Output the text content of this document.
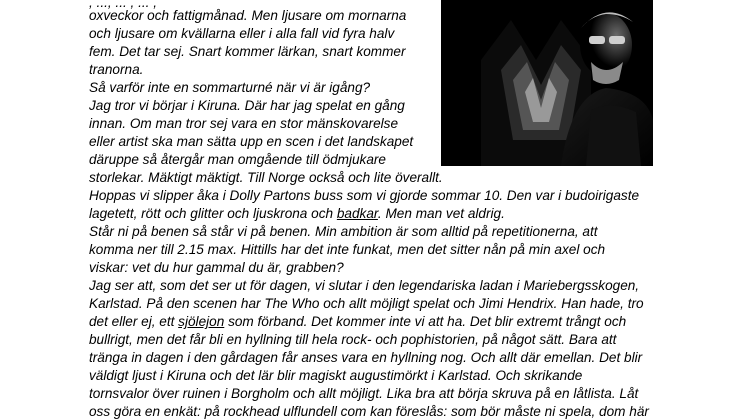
, ..., ... , ... ,
oxveckor och fattigmånad. Men ljusare om mornarna
och ljusare om kvällarna eller i alla fall vid fyra halv
fem. Det tar sej. Snart kommer lärkan, snart kommer
tranorna.
Så varför inte en sommarturné när vi är igång?
Jag tror vi börjar i Kiruna. Där har jag spelat en gång
innan. Om man tror sej vara en stor mänskovarelse
eller artist ska man sätta upp en scen i det landskapet
däruppe så återgår man omgående till ödmjukare
storlekar. Mäktigt mäktigt. Till Norge också och lite överallt.
Hoppas vi slipper åka i Dolly Partons buss som vi gjorde sommar 10. Den var i budoirigaste
lagetett, rött och glitter och ljuskrona och badkar. Men man vet aldrig.
Står ni på benen så står vi på benen. Min ambition är som alltid på repetitionerna, att
komma ner till 2.15 max. Hittills har det inte funkat, men det sitter nån på min axel och
viskar: vet du hur gammal du är, grabben?
Jag ser att, som det ser ut för dagen, vi slutar i den legendariska ladan i Mariebergsskogen,
Karlstad. På den scenen har The Who och allt möjligt spelat och Jimi Hendrix. Han hade, tro
det eller ej, ett sjölejon som förband. Det kommer inte vi att ha. Det blir extremt trångt och
bullrigt, men det får bli en hyllning till hela rock- och pophistorien, på något sätt. Bara att
tränga in dagen i den gårdagen får anses vara en hyllning nog. Och allt där emellan. Det blir
väldigt ljust i Kiruna och det lär blir magiskt augustimörkt i Karlstad. Och skrikande
tornsvalor över ruinen i Borgholm och allt möjligt. Lika bra att börja skruva på en låtlista. Låt
oss göra en enkät: på rockhead ulflundell com kan föreslås: som bör måste ni spela, dom här
